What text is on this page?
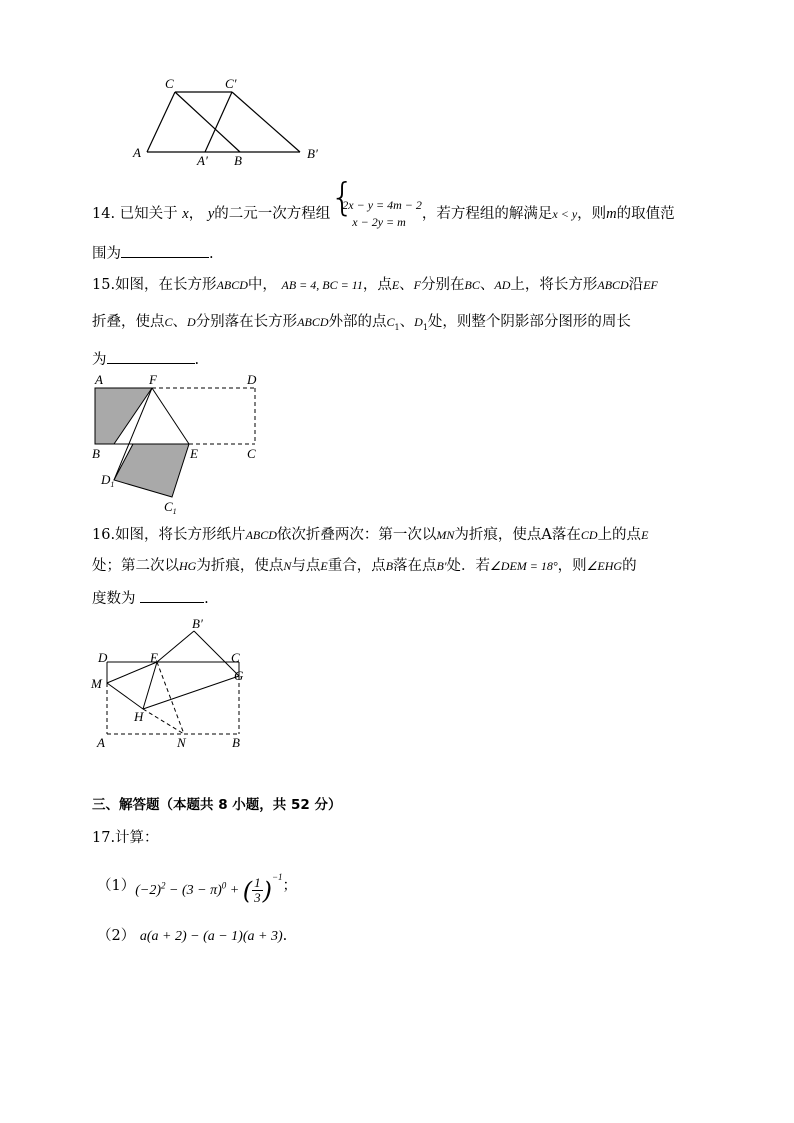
C	C′
A
A′ B	B′
14. 已知关于 x， y的二元一次方程组 {
2x − y = 4m − 2
x − 2y = m	，若方程组的解满足x < y，则m的取值范
围为	.
15.如图，在长方形ABCD中， AB = 4, BC = 11，点E、F分别在BC、AD上，将长方形ABCD沿EF
折叠，使点C、D分别落在长方形ABCD外部的点$C_1$、$D_1$处，则整个阴影部分图形的周长
为	.
A	F	D
B	E	C
$D_1$
$C_1$
16.如图，将长方形纸片ABCD依次折叠两次：第一次以MN为折痕，使点A落在CD上的点E
处；第二次以HG为折痕，使点N与点E重合，点B落在点B′处．若∠DEM = 18°，则∠EHG的
度数为	.
B′
D	E	C
M
G
H
A	N	B
三、解答题（本题共 8 小题，共 52 分）
17.计算：
（1） $(-2)^2 - (3 - \pi)^0$ + ( $\frac{1}{3} )^{-1}$
；
（2） a(a + 2) − (a − 1)(a + 3).
